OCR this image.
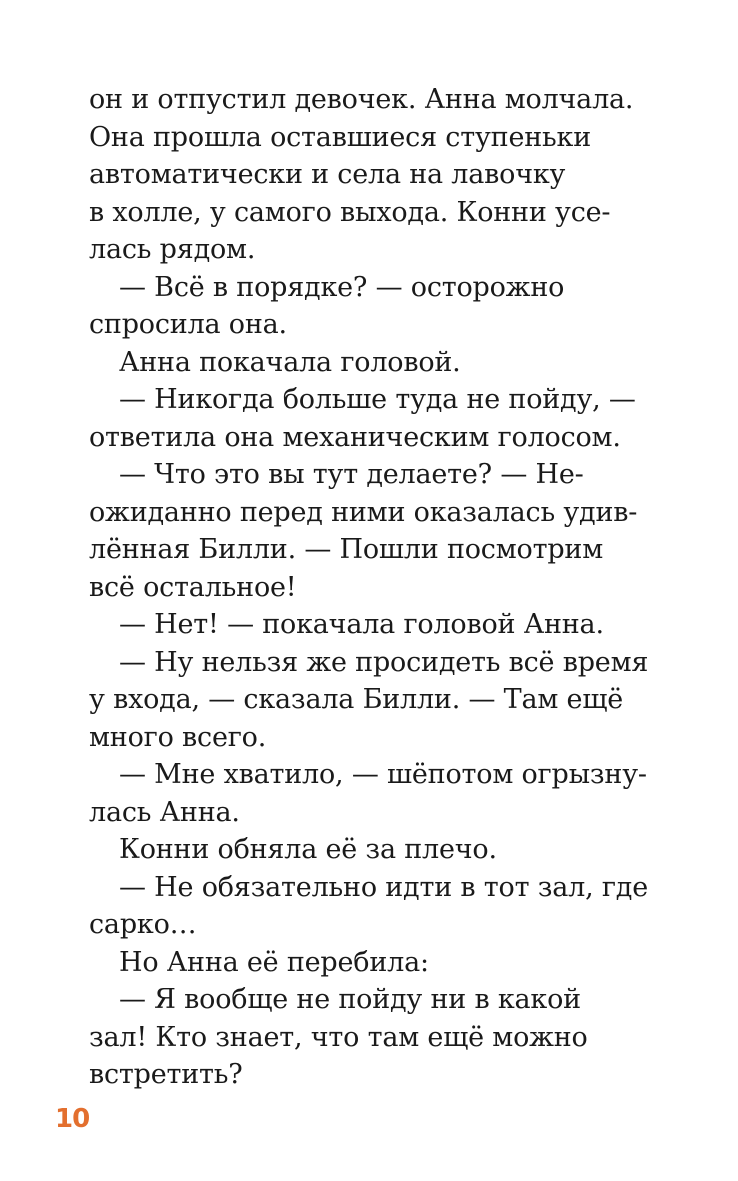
он и отпустил девочек. Анна молчала.
Она прошла оставшиеся ступеньки
автоматически и села на лавочку
в холле, у самого выхода. Конни усе-
лась рядом.
— Всё в порядке? — осторожно
спросила она.
Анна покачала головой.
— Никогда больше туда не пойду, —
ответила она механическим голосом.
— Что это вы тут делаете? — Не-
ожиданно перед ними оказалась удив-
лённая Билли. — Пошли посмотрим
всё остальное!
— Нет! — покачала головой Анна.
— Ну нельзя же просидеть всё время
у входа, — сказала Билли. — Там ещё
много всего.
— Мне хватило, — шёпотом огрызну-
лась Анна.
Конни обняла её за плечо.
— Не обязательно идти в тот зал, где
сарко…
Но Анна её перебила:
— Я вообще не пойду ни в какой
зал! Кто знает, что там ещё можно
встретить?
10
